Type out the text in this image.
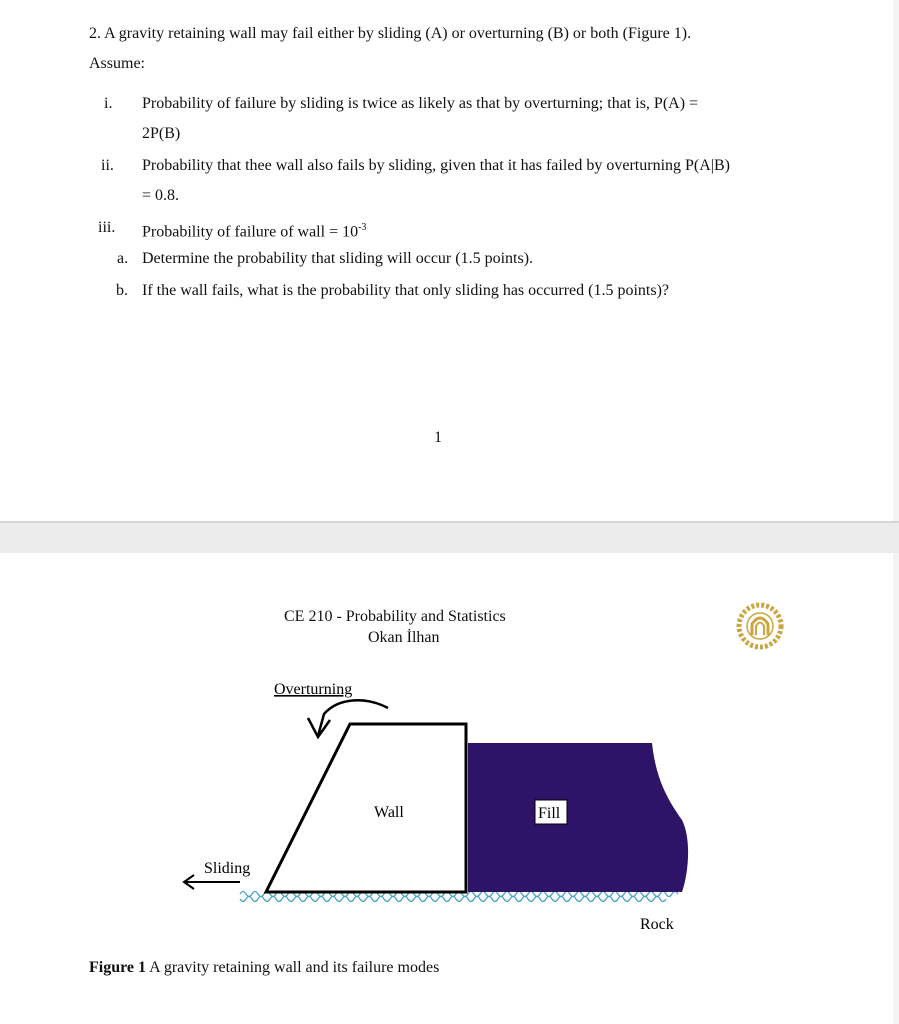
2. A gravity retaining wall may fail either by sliding (A) or overturning (B) or both (Figure 1).
Assume:
i. Probability of failure by sliding is twice as likely as that by overturning; that is, P(A) =
2P(B)
ii. Probability that thee wall also fails by sliding, given that it has failed by overturning P(A|B)
= 0.8.
iii. Probability of failure of wall = $10^{-3}$
a. Determine the probability that sliding will occur (1.5 points).
b. If the wall fails, what is the probability that only sliding has occurred (1.5 points)?
1
CE 210 - Probability and Statistics
Okan İlhan
Overturning
Wall	Fill
Sliding
Rock
Figure 1 A gravity retaining wall and its failure modes
